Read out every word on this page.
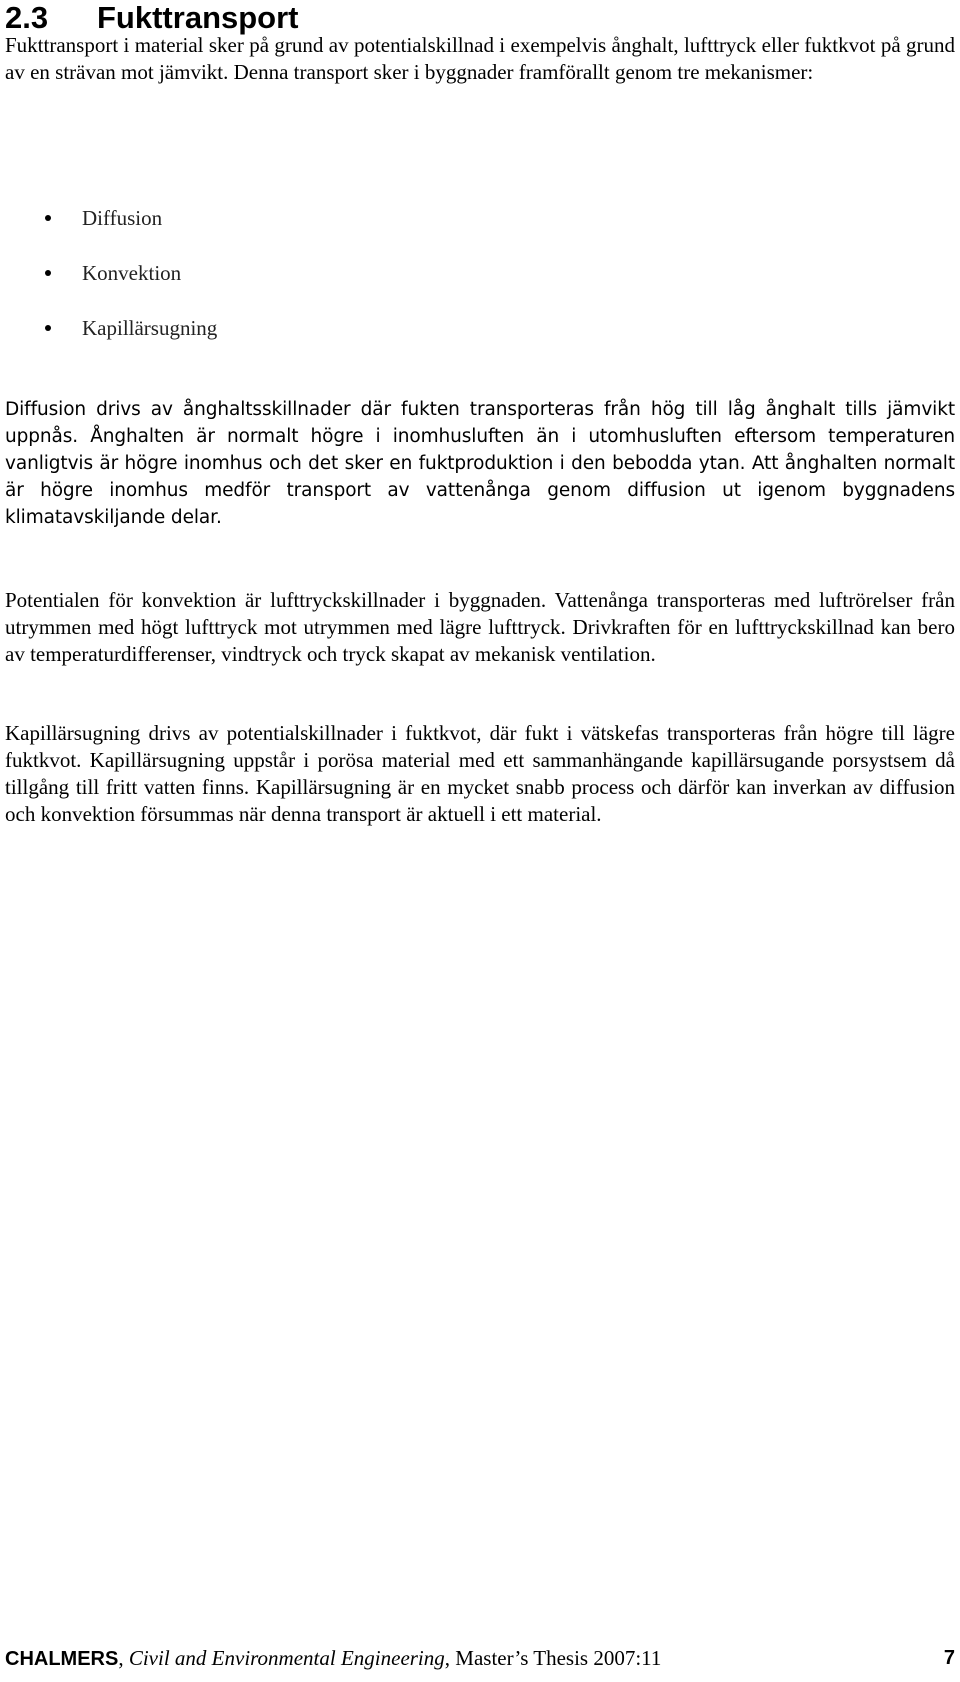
2.3 Fukttransport

Fukttransport i material sker på grund av potentialskillnad i exempelvis ånghalt, lufttryck eller fuktkvot på grund av en strävan mot jämvikt. Denna transport sker i byggnader framförallt genom tre mekanismer:

Diffusion
Konvektion
Kapillärsugning

Diffusion drivs av ånghaltsskillnader där fukten transporteras från hög till låg ånghalt tills jämvikt uppnås. Ånghalten är normalt högre i inomhusluften än i utomhusluften eftersom temperaturen vanligtvis är högre inomhus och det sker en fuktproduktion i den bebodda ytan. Att ånghalten normalt är högre inomhus medför transport av vattenånga genom diffusion ut igenom byggnadens klimatavskiljande delar.

Potentialen för konvektion är lufttryckskillnader i byggnaden. Vattenånga transporteras med luftrörelser från utrymmen med högt lufttryck mot utrymmen med lägre lufttryck. Drivkraften för en lufttryckskillnad kan bero av temperaturdifferenser, vindtryck och tryck skapat av mekanisk ventilation.

Kapillärsugning drivs av potentialskillnader i fuktkvot, där fukt i vätskefas transporteras från högre till lägre fuktkvot. Kapillärsugning uppstår i porösa material med ett sammanhängande kapillärsugande porsystsem då tillgång till fritt vatten finns. Kapillärsugning är en mycket snabb process och därför kan inverkan av diffusion och konvektion försummas när denna transport är aktuell i ett material.

CHALMERS, Civil and Environmental Engineering, Master’s Thesis 2007:11	7
